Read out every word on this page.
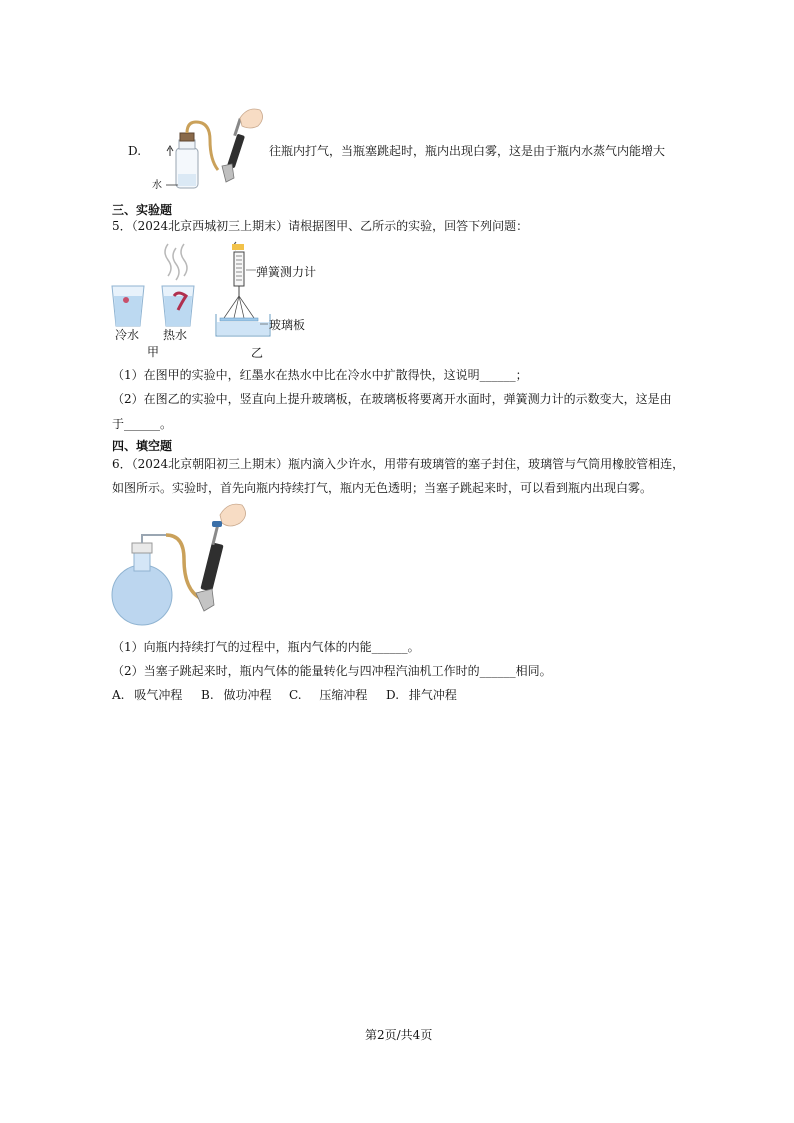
D.
水
往瓶内打气，当瓶塞跳起时，瓶内出现白雾，这是由于瓶内水蒸气内能增大
三、实验题
5．（2024北京西城初三上期末）请根据图甲、乙所示的实验，回答下列问题：
冷水 热水
甲
弹簧测力计
玻璃板
乙
（1）在图甲的实验中，红墨水在热水中比在冷水中扩散得快，这说明______；
（2）在图乙的实验中，竖直向上提升玻璃板，在玻璃板将要离开水面时，弹簧测力计的示数变大，这是由
于______。
四、填空题
6．（2024北京朝阳初三上期末）瓶内滴入少许水，用带有玻璃管的塞子封住，玻璃管与气筒用橡胶管相连，
如图所示。实验时，首先向瓶内持续打气，瓶内无色透明；当塞子跳起来时，可以看到瓶内出现白雾。
（1）向瓶内持续打气的过程中，瓶内气体的内能______。
（2）当塞子跳起来时，瓶内气体的能量转化与四冲程汽油机工作时的______相同。
A. 吸气冲程 B. 做功冲程 C. 压缩冲程 D. 排气冲程
第2页/共4页
